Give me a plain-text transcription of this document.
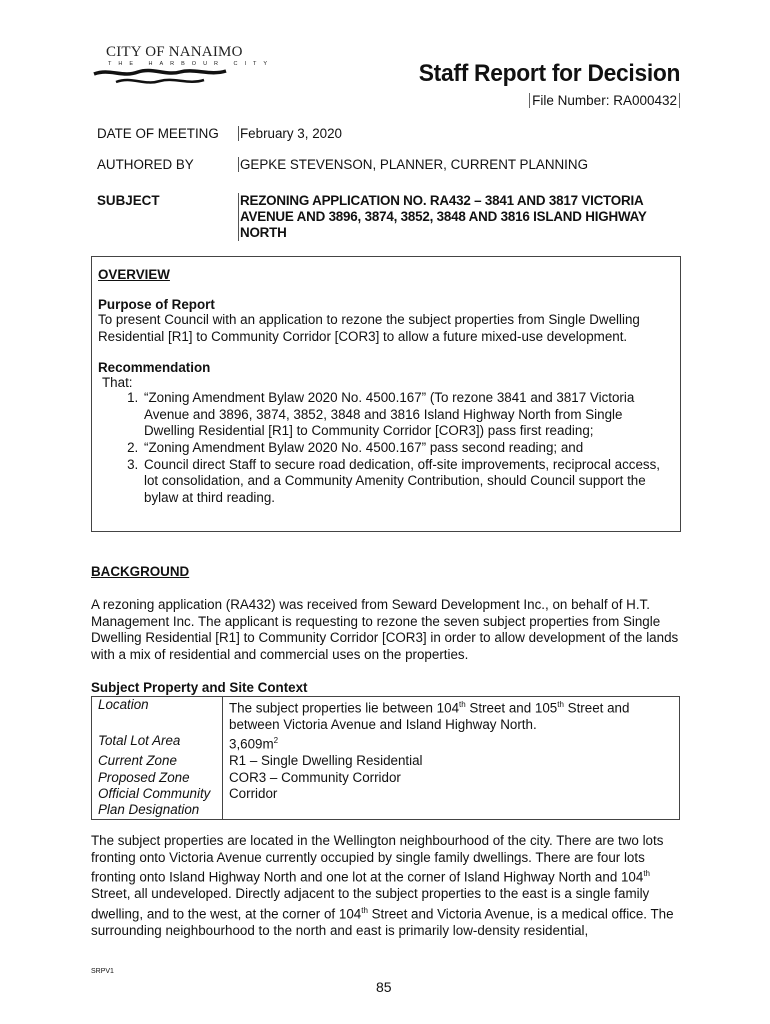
CITY OF NANAIMO
THE HARBOUR CITY	Staff Report for Decision
File Number: RA000432
DATE OF MEETING February 3, 2020
AUTHORED BY	GEPKE STEVENSON, PLANNER, CURRENT PLANNING
SUBJECT	REZONING APPLICATION NO. RA432 – 3841 AND 3817 VICTORIA AVENUE AND 3896, 3874, 3852, 3848 AND 3816 ISLAND HIGHWAY NORTH

OVERVIEW

Purpose of Report

To present Council with an application to rezone the subject properties from Single Dwelling Residential [R1] to Community Corridor [COR3] to allow a future mixed-use development.

Recommendation

That:

1. “Zoning Amendment Bylaw 2020 No. 4500.167” (To rezone 3841 and 3817 Victoria Avenue and 3896, 3874, 3852, 3848 and 3816 Island Highway North from Single Dwelling Residential [R1] to Community Corridor [COR3]) pass first reading;
2. “Zoning Amendment Bylaw 2020 No. 4500.167” pass second reading; and
3. Council direct Staff to secure road dedication, off-site improvements, reciprocal access, lot consolidation, and a Community Amenity Contribution, should Council support the bylaw at third reading.
BACKGROUND
A rezoning application (RA432) was received from Seward Development Inc., on behalf of H.T. Management Inc. The applicant is requesting to rezone the seven subject properties from Single Dwelling Residential [R1] to Community Corridor [COR3] in order to allow development of the lands with a mix of residential and commercial uses on the properties.
Subject Property and Site Context
Location	The subject properties lie between 104th Street and 105th Street and between Victoria Avenue and Island Highway North.
Total Lot Area	$3,609m^2$
Current Zone	R1 – Single Dwelling Residential
Proposed Zone	COR3 – Community Corridor
Official Community Plan Designation	Corridor
The subject properties are located in the Wellington neighbourhood of the city. There are two lots fronting onto Victoria Avenue currently occupied by single family dwellings. There are four lots fronting onto Island Highway North and one lot at the corner of Island Highway North and 104th Street, all undeveloped. Directly adjacent to the subject properties to the east is a single family dwelling, and to the west, at the corner of 104th Street and Victoria Avenue, is a medical office. The surrounding neighbourhood to the north and east is primarily low-density residential,
SRPV1
85
